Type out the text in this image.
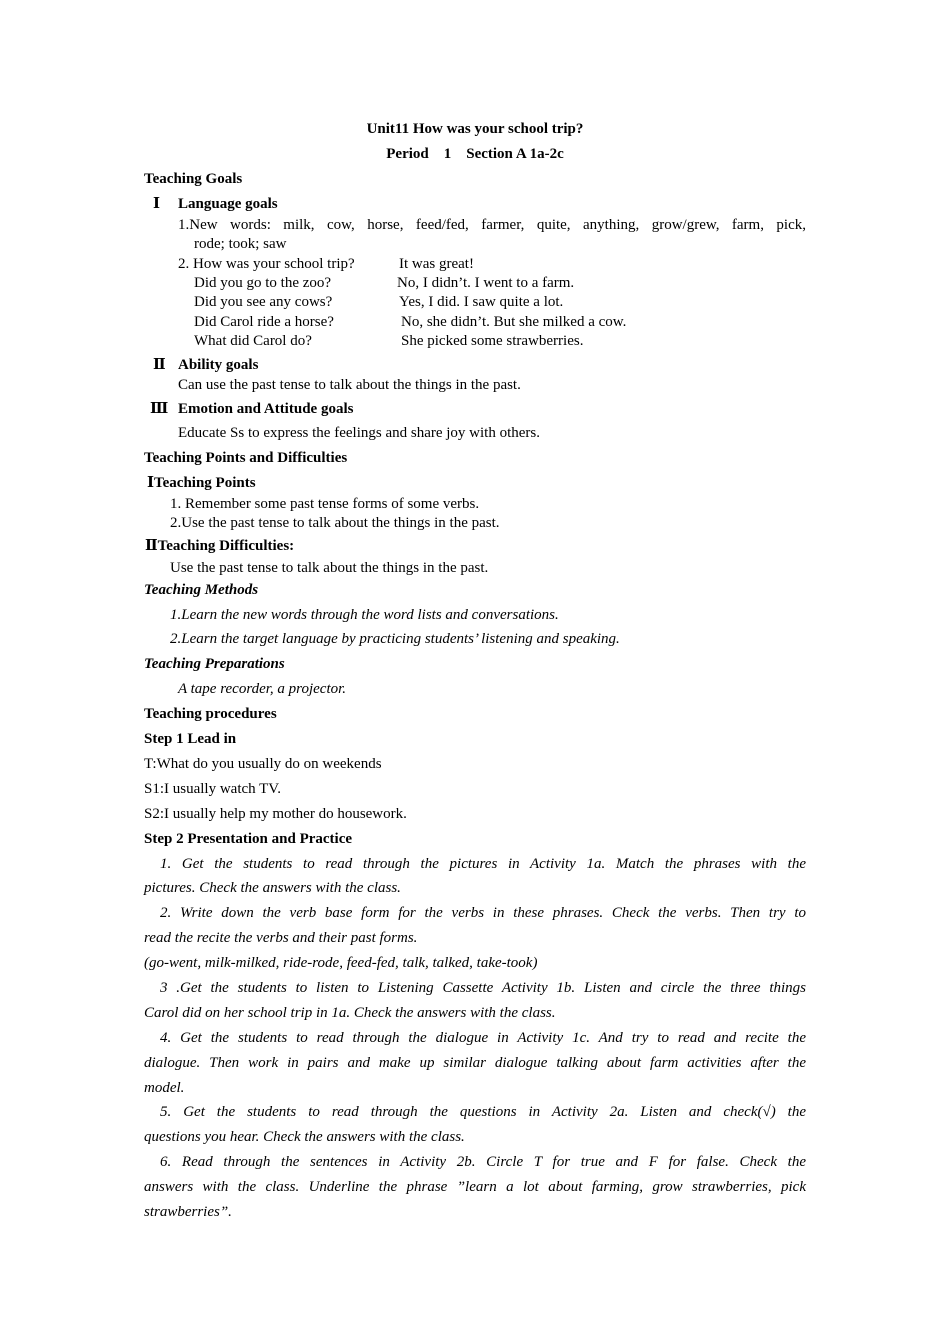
Unit11 How was your school trip?
Period    1    Section A 1a-2c
Teaching Goals
Ⅰ Language goals
1.New words: milk, cow, horse, feed/fed, farmer, quite, anything, grow/grew, farm, pick,
rode; took; saw
2. How was your school trip?	It was great!
Did you go to the zoo?	No, I didn’t. I went to a farm.
Did you see any cows?	Yes, I did. I saw quite a lot.
Did Carol ride a horse?	No, she didn’t. But she milked a cow.
What did Carol do?	She picked some strawberries.
Ⅱ Ability goals
Can use the past tense to talk about the things in the past.
Ⅲ Emotion and Attitude goals
Educate Ss to express the feelings and share joy with others.
Teaching Points and Difficulties
ⅠTeaching Points
1. Remember some past tense forms of some verbs.
2.Use the past tense to talk about the things in the past.
ⅡTeaching Difficulties:
Use the past tense to talk about the things in the past.
Teaching Methods
1.Learn the new words through the word lists and conversations.
2.Learn the target language by practicing students’ listening and speaking.
Teaching Preparations
A tape recorder, a projector.
Teaching procedures
Step 1 Lead in
T:What do you usually do on weekends
S1:I usually watch TV.
S2:I usually help my mother do housework.
Step 2 Presentation and Practice
1. Get the students to read through the pictures in Activity 1a. Match the phrases with the
pictures. Check the answers with the class.
2. Write down the verb base form for the verbs in these phrases. Check the verbs. Then try to
read the recite the verbs and their past forms.
(go-went, milk-milked, ride-rode, feed-fed, talk, talked, take-took)
3 .Get the students to listen to Listening Cassette Activity 1b. Listen and circle the three things
Carol did on her school trip in 1a. Check the answers with the class.
4. Get the students to read through the dialogue in Activity 1c. And try to read and recite the
dialogue. Then work in pairs and make up similar dialogue talking about farm activities after the
model.
5. Get the students to read through the questions in Activity 2a. Listen and check(√) the
questions you hear. Check the answers with the class.
6. Read through the sentences in Activity 2b. Circle T for true and F for false. Check the
answers with the class. Underline the phrase ”learn a lot about farming, grow strawberries, pick
strawberries”.
